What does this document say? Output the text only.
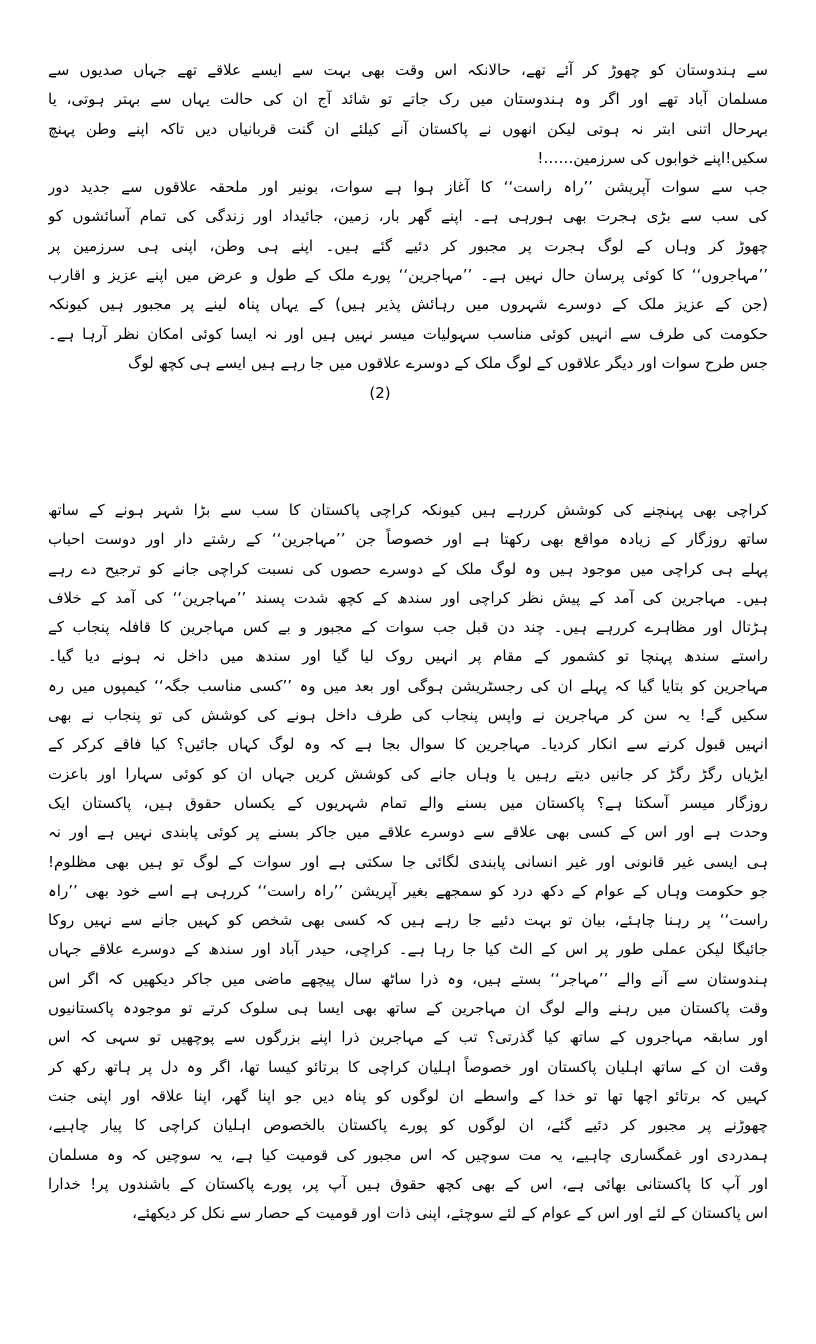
سے ہندوستان کو چھوڑ کر آئے تھے، حالانکہ اس وقت بھی بہت سے ایسے علاقے تھے جہاں صدیوں سے
مسلمان آباد تھے اور اگر وہ ہندوستان میں رک جاتے تو شائد آج ان کی حالت یہاں سے بہتر ہوتی، یا
بہرحال اتنی ابتر نہ ہوتی لیکن انھوں نے پاکستان آنے کیلئے ان گنت قربانیاں دیں تاکہ اپنے وطن پہنچ
سکیں!اپنے خوابوں کی سرزمین……!
جب سے سوات آپریشن ’’راہ راست‘‘ کا آغاز ہوا ہے سوات، بونیر اور ملحقہ علاقوں سے جدید دور
کی سب سے بڑی ہجرت بھی ہورہی ہے۔ اپنے گھر بار، زمین، جائیداد اور زندگی کی تمام آسائشوں کو
چھوڑ کر وہاں کے لوگ ہجرت پر مجبور کر دئیے گئے ہیں۔ اپنے ہی وطن، اپنی ہی سرزمین پر
’’مہاجروں‘‘ کا کوئی پرسان حال نہیں ہے۔ ’’مہاجرین‘‘ پورے ملک کے طول و عرض میں اپنے عزیز و اقارب
(جن کے عزیز ملک کے دوسرے شہروں میں رہائش پذیر ہیں) کے یہاں پناہ لینے پر مجبور ہیں کیونکہ
حکومت کی طرف سے انہیں کوئی مناسب سہولیات میسر نہیں ہیں اور نہ ایسا کوئی امکان نظر آرہا ہے۔
جس طرح سوات اور دیگر علاقوں کے لوگ ملک کے دوسرے علاقوں میں جا رہے ہیں ایسے ہی کچھ لوگ
(2)
کراچی بھی پہنچنے کی کوشش کررہے ہیں کیونکہ کراچی پاکستان کا سب سے بڑا شہر ہونے کے ساتھ
ساتھ روزگار کے زیادہ مواقع بھی رکھتا ہے اور خصوصاً جن ’’مہاجرین‘‘ کے رشتے دار اور دوست احباب
پہلے ہی کراچی میں موجود ہیں وہ لوگ ملک کے دوسرے حصوں کی نسبت کراچی جانے کو ترجیح دے رہے
ہیں۔ مہاجرین کی آمد کے پیش نظر کراچی اور سندھ کے کچھ شدت پسند ’’مہاجرین‘‘ کی آمد کے خلاف
ہڑتال اور مظاہرے کررہے ہیں۔ چند دن قبل جب سوات کے مجبور و بے کس مہاجرین کا قافلہ پنجاب کے
راستے سندھ پہنچا تو کشمور کے مقام پر انہیں روک لیا گیا اور سندھ میں داخل نہ ہونے دیا گیا۔
مہاجرین کو بتایا گیا کہ پہلے ان کی رجسٹریشن ہوگی اور بعد میں وہ ’’کسی مناسب جگہ‘‘ کیمپوں میں رہ
سکیں گے! یہ سن کر مہاجرین نے واپس پنجاب کی طرف داخل ہونے کی کوشش کی تو پنجاب نے بھی
انہیں قبول کرنے سے انکار کردیا۔ مہاجرین کا سوال بجا ہے کہ وہ لوگ کہاں جائیں؟ کیا فاقے کرکر کے
ایڑیاں رگڑ رگڑ کر جانیں دیتے رہیں یا وہاں جانے کی کوشش کریں جہاں ان کو کوئی سہارا اور باعزت
روزگار میسر آسکتا ہے؟ پاکستان میں بسنے والے تمام شہریوں کے یکساں حقوق ہیں، پاکستان ایک
وحدت ہے اور اس کے کسی بھی علاقے سے دوسرے علاقے میں جاکر بسنے پر کوئی پابندی نہیں ہے اور نہ
ہی ایسی غیر قانونی اور غیر انسانی پابندی لگائی جا سکتی ہے اور سوات کے لوگ تو ہیں بھی مظلوم!
جو حکومت وہاں کے عوام کے دکھ درد کو سمجھے بغیر آپریشن ’’راہ راست‘‘ کررہی ہے اسے خود بھی ’’راہ
راست‘‘ پر رہنا چاہئے، بیان تو بہت دئیے جا رہے ہیں کہ کسی بھی شخص کو کہیں جانے سے نہیں روکا
جائیگا لیکن عملی طور پر اس کے الٹ کیا جا رہا ہے۔ کراچی، حیدر آباد اور سندھ کے دوسرے علاقے جہاں
ہندوستان سے آنے والے ’’مہاجر‘‘ بستے ہیں، وہ ذرا ساٹھ سال پیچھے ماضی میں جاکر دیکھیں کہ اگر اس
وقت پاکستان میں رہنے والے لوگ ان مہاجرین کے ساتھ بھی ایسا ہی سلوک کرتے تو موجودہ پاکستانیوں
اور سابقہ مہاجروں کے ساتھ کیا گذرتی؟ تب کے مہاجرین ذرا اپنے بزرگوں سے پوچھیں تو سہی کہ اس
وقت ان کے ساتھ اہلیان پاکستان اور خصوصاً اہلیان کراچی کا برتائو کیسا تھا، اگر وہ دل پر ہاتھ رکھ کر
کہیں کہ برتائو اچھا تھا تو خدا کے واسطے ان لوگوں کو پناہ دیں جو اپنا گھر، اپنا علاقہ اور اپنی جنت
چھوڑنے پر مجبور کر دئیے گئے، ان لوگوں کو پورے پاکستان بالخصوص اہلیان کراچی کا پیار چاہیے،
ہمدردی اور غمگساری چاہیے، یہ مت سوچیں کہ اس مجبور کی قومیت کیا ہے، یہ سوچیں کہ وہ مسلمان
اور آپ کا پاکستانی بھائی ہے، اس کے بھی کچھ حقوق ہیں آپ پر، پورے پاکستان کے باشندوں پر! خدارا
اس پاکستان کے لئے اور اس کے عوام کے لئے سوچئے، اپنی ذات اور قومیت کے حصار سے نکل کر دیکھئے،
